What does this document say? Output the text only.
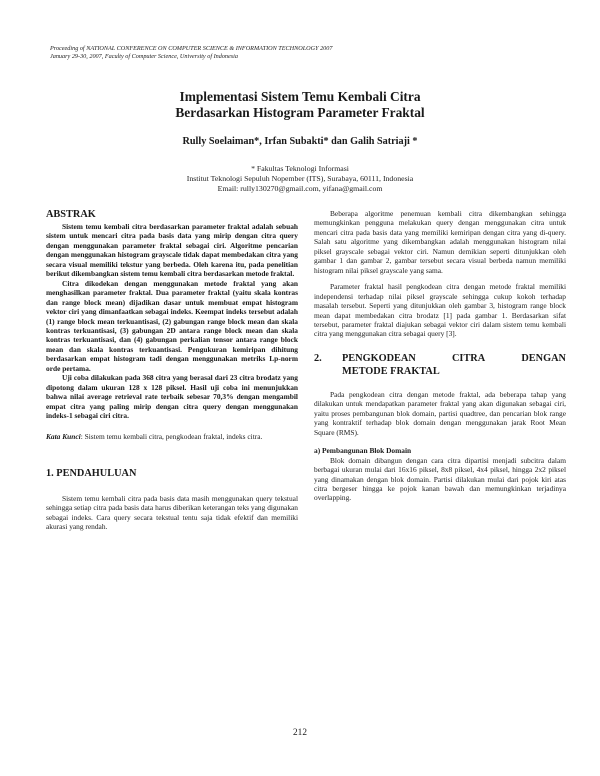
Proceeding of NATIONAL CONFERENCE ON COMPUTER SCIENCE & INFORMATION TECHNOLOGY 2007
January 29-30, 2007, Faculty of Computer Science, University of Indonesia
Implementasi Sistem Temu Kembali Citra
Berdasarkan Histogram Parameter Fraktal
Rully Soelaiman*, Irfan Subakti* dan Galih Satriaji *
* Fakultas Teknologi Informasi
Institut Teknologi Sepuluh Nopember (ITS), Surabaya, 60111, Indonesia
Email: rully130270@gmail.com, yifana@gmail.com

ABSTRAK

Sistem temu kembali citra berdasarkan parameter fraktal adalah sebuah sistem untuk mencari citra pada basis data yang mirip dengan citra query dengan menggunakan parameter fraktal sebagai ciri. Algoritme pencarian dengan menggunakan histogram grayscale tidak dapat membedakan citra yang secara visual memiliki tekstur yang berbeda. Oleh karena itu, pada penelitian berikut dikembangkan sistem temu kembali citra berdasarkan metode fraktal.

Citra dikodekan dengan menggunakan metode fraktal yang akan menghasilkan parameter fraktal. Dua parameter fraktal (yaitu skala kontras dan range block mean) dijadikan dasar untuk membuat empat histogram vektor ciri yang dimanfaatkan sebagai indeks. Keempat indeks tersebut adalah (1) range block mean terkuantisasi, (2) gabungan range block mean dan skala kontras terkuantisasi, (3) gabungan 2D antara range block mean dan skala kontras terkuantisasi, dan (4) gabungan perkalian tensor antara range block mean dan skala kontras terkuantisasi. Pengukuran kemiripan dihitung berdasarkan empat histogram tadi dengan menggunakan metriks Lp-norm orde pertama.

Uji coba dilakukan pada 368 citra yang berasal dari 23 citra brodatz yang dipotong dalam ukuran 128 x 128 piksel. Hasil uji coba ini menunjukkan bahwa nilai average retrieval rate terbaik sebesar 70,3% dengan mengambil empat citra yang paling mirip dengan citra query dengan menggunakan indeks-1 sebagai ciri citra.

Kata Kunci: Sistem temu kembali citra, pengkodean fraktal, indeks citra.

1. PENDAHULUAN

Sistem temu kembali citra pada basis data masih menggunakan query tekstual sehingga setiap citra pada basis data harus diberikan keterangan teks yang digunakan sebagai indeks. Cara query secara tekstual tentu saja tidak efektif dan memiliki akurasi yang rendah.

Beberapa algoritme penemuan kembali citra dikembangkan sehingga memungkinkan pengguna melakukan query dengan menggunakan citra untuk mencari citra pada basis data yang memiliki kemiripan dengan citra yang di-query. Salah satu algoritme yang dikembangkan adalah menggunakan histogram nilai piksel grayscale sebagai vektor ciri. Namun demikian seperti ditunjukkan oleh gambar 1 dan gambar 2, gambar tersebut secara visual berbeda namun memiliki histogram nilai piksel grayscale yang sama.

Parameter fraktal hasil pengkodean citra dengan metode fraktal memiliki independensi terhadap nilai piksel grayscale sehingga cukup kokoh terhadap masalah tersebut. Seperti yang ditunjukkan oleh gambar 3, histogram range block mean dapat membedakan citra brodatz [1] pada gambar 1. Berdasarkan sifat tersebut, parameter fraktal diajukan sebagai vektor ciri dalam sistem temu kembali citra yang menggunakan citra sebagai query [3].

2.	PENGKODEAN	CITRA	DENGAN
METODE FRAKTAL

Pada pengkodean citra dengan metode fraktal, ada beberapa tahap yang dilakukan untuk mendapatkan parameter fraktal yang akan digunakan sebagai ciri, yaitu proses pembangunan blok domain, partisi quadtree, dan pencarian blok range yang kontraktif terhadap blok domain dengan menggunakan jarak Root Mean Square (RMS).

a) Pembangunan Blok Domain

Blok domain dibangun dengan cara citra dipartisi menjadi subcitra dalam berbagai ukuran mulai dari 16x16 piksel, 8x8 piksel, 4x4 piksel, hingga 2x2 piksel yang dinamakan dengan blok domain. Partisi dilakukan mulai dari pojok kiri atas citra bergeser hingga ke pojok kanan bawah dan memungkinkan terjadinya overlapping.

212
